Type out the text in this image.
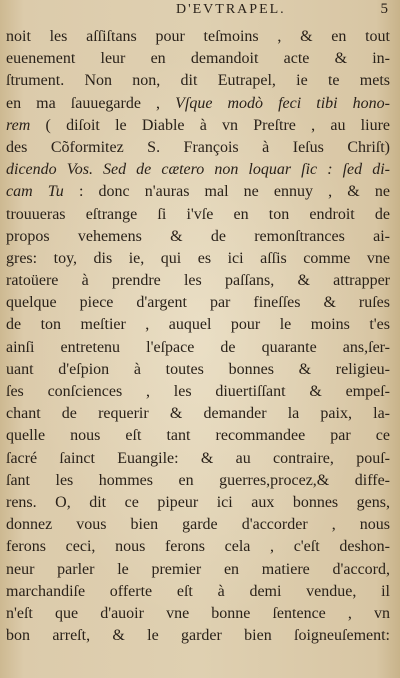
D'EVTRAPEL.	5
noit les aſſiſtans pour teſmoins , & en tout
euenement leur en demandoit acte & in-
ſtrument. Non non, dit Eutrapel, ie te mets
en ma ſauuegarde , Vſque modò feci tibi hono-
rem ( diſoit le Diable à vn Preſtre , au liure
des Cõformitez S. François à Ieſus Chriſt)
dicendo Vos. Sed de cætero non loquar ſic : ſed di-
cam Tu : donc n'auras mal ne ennuy , & ne
trouueras eſtrange ſi i'vſe en ton endroit de
propos vehemens & de remonſtrances ai-
gres: toy, dis ie, qui es ici aſſis comme vne
ratoüere à prendre les paſſans, & attrapper
quelque piece d'argent par fineſſes & ruſes
de ton meſtier , auquel pour le moins t'es
ainſi entretenu l'eſpace de quarante ans,ſer-
uant d'eſpion à toutes bonnes & religieu-
ſes conſciences , les diuertiſſant & empeſ-
chant de requerir & demander la paix, la-
quelle nous eſt tant recommandee par ce
ſacré ſainct Euangile: & au contraire, pouſ-
ſant les hommes en guerres,procez,& diffe-
rens. O, dit ce pipeur ici aux bonnes gens,
donnez vous bien garde d'accorder , nous
ferons ceci, nous ferons cela , c'eſt deshon-
neur parler le premier en matiere d'accord,
marchandiſe offerte eſt à demi vendue, il
n'eſt que d'auoir vne bonne ſentence , vn
bon arreſt, & le garder bien ſoigneuſement:
